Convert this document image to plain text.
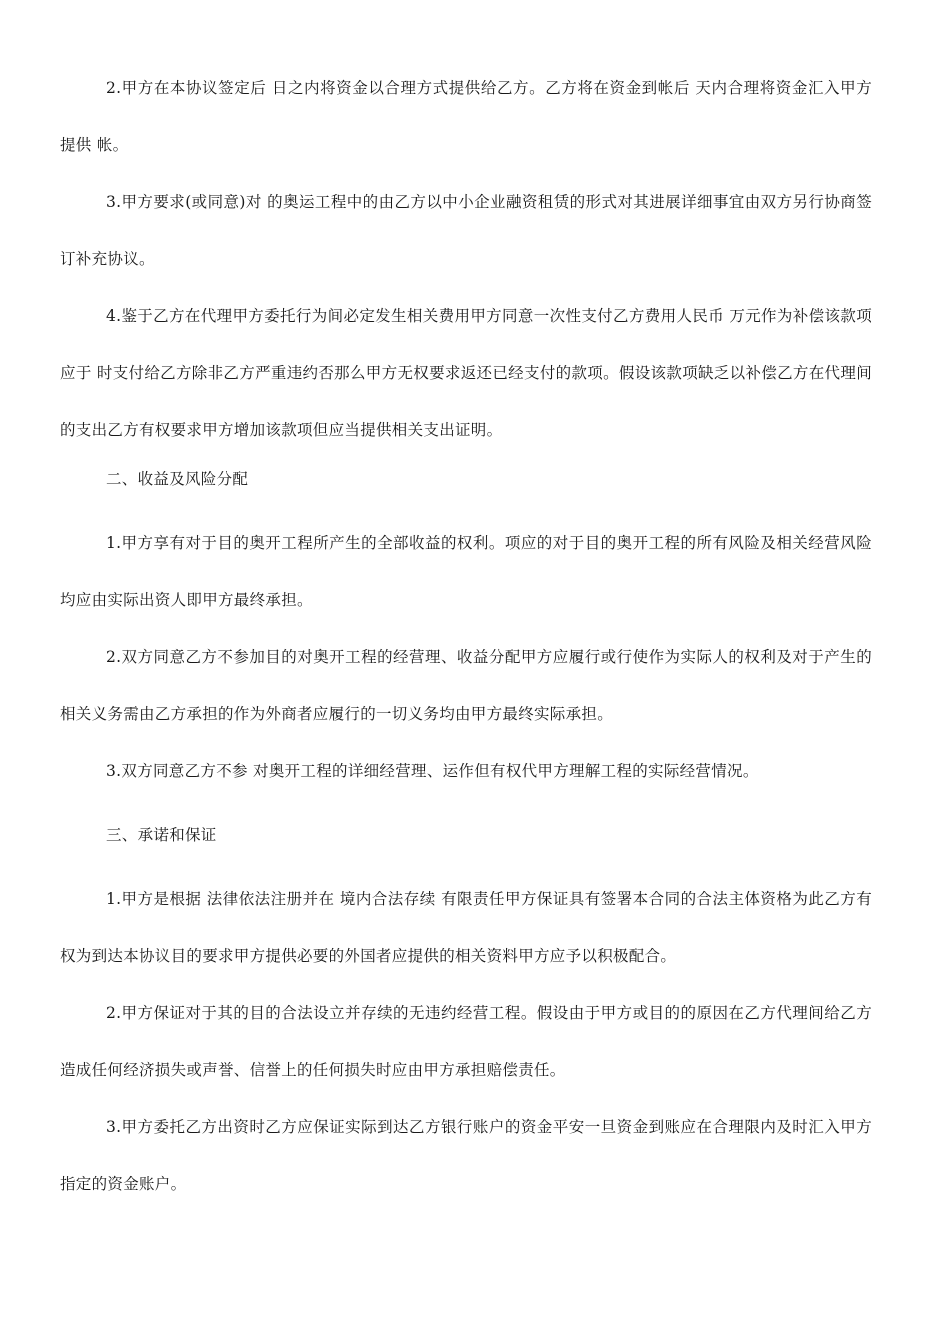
2.甲方在本协议签定后 日之内将资金以合理方式提供给乙方。乙方将在资金到帐后 天内合理将资金汇入甲方提供 帐。

3.甲方要求(或同意)对 的奥运工程中的由乙方以中小企业融资租赁的形式对其进展详细事宜由双方另行协商签订补充协议。

4.鉴于乙方在代理甲方委托行为间必定发生相关费用甲方同意一次性支付乙方费用人民币 万元作为补偿该款项应于 时支付给乙方除非乙方严重违约否那么甲方无权要求返还已经支付的款项。假设该款项缺乏以补偿乙方在代理间的支出乙方有权要求甲方增加该款项但应当提供相关支出证明。

二、收益及风险分配

1.甲方享有对于目的奥开工程所产生的全部收益的权利。项应的对于目的奥开工程的所有风险及相关经营风险均应由实际出资人即甲方最终承担。

2.双方同意乙方不参加目的对奥开工程的经营理、收益分配甲方应履行或行使作为实际人的权利及对于产生的相关义务需由乙方承担的作为外商者应履行的一切义务均由甲方最终实际承担。

3.双方同意乙方不参 对奥开工程的详细经营理、运作但有权代甲方理解工程的实际经营情况。

三、承诺和保证

1.甲方是根据 法律依法注册并在 境内合法存续 有限责任甲方保证具有签署本合同的合法主体资格为此乙方有权为到达本协议目的要求甲方提供必要的外国者应提供的相关资料甲方应予以积极配合。

2.甲方保证对于其的目的合法设立并存续的无违约经营工程。假设由于甲方或目的的原因在乙方代理间给乙方造成任何经济损失或声誉、信誉上的任何损失时应由甲方承担赔偿责任。

3.甲方委托乙方出资时乙方应保证实际到达乙方银行账户的资金平安一旦资金到账应在合理限内及时汇入甲方指定的资金账户。
